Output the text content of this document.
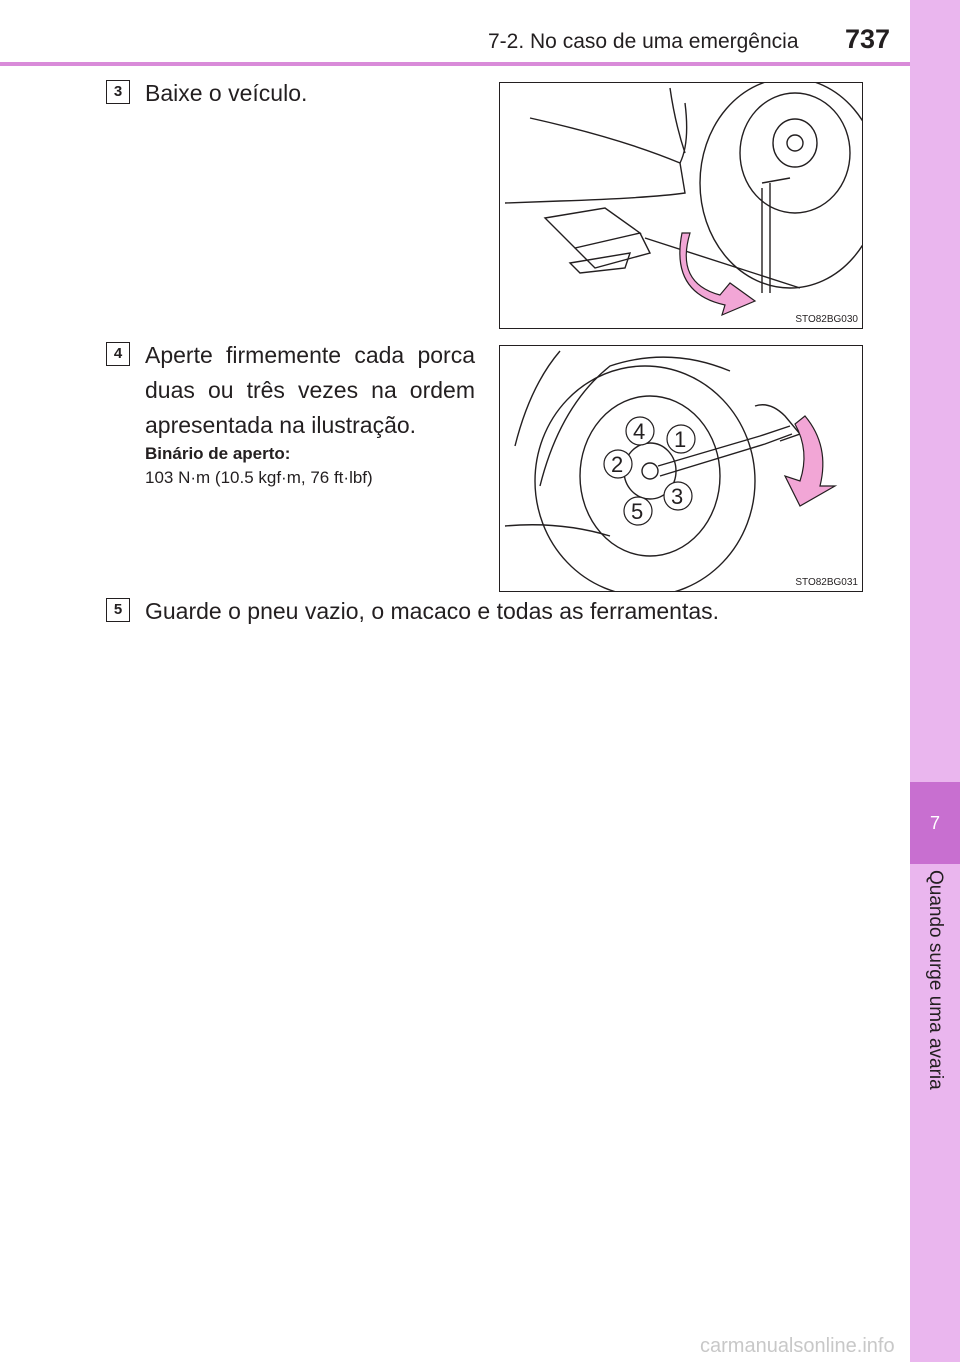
7-2. No caso de uma emergência 737
7
Quando surge uma avaria
3 Baixe o veículo.
STO82BG030
4 Aperte firmemente cada porca duas ou três vezes na ordem apresentada na ilustração.
Binário de aperto:
103 N·m (10.5 kgf·m, 76 ft·lbf)
1
2
3
4
5
STO82BG031
5 Guarde o pneu vazio, o macaco e todas as ferramentas.
carmanualsonline.info
